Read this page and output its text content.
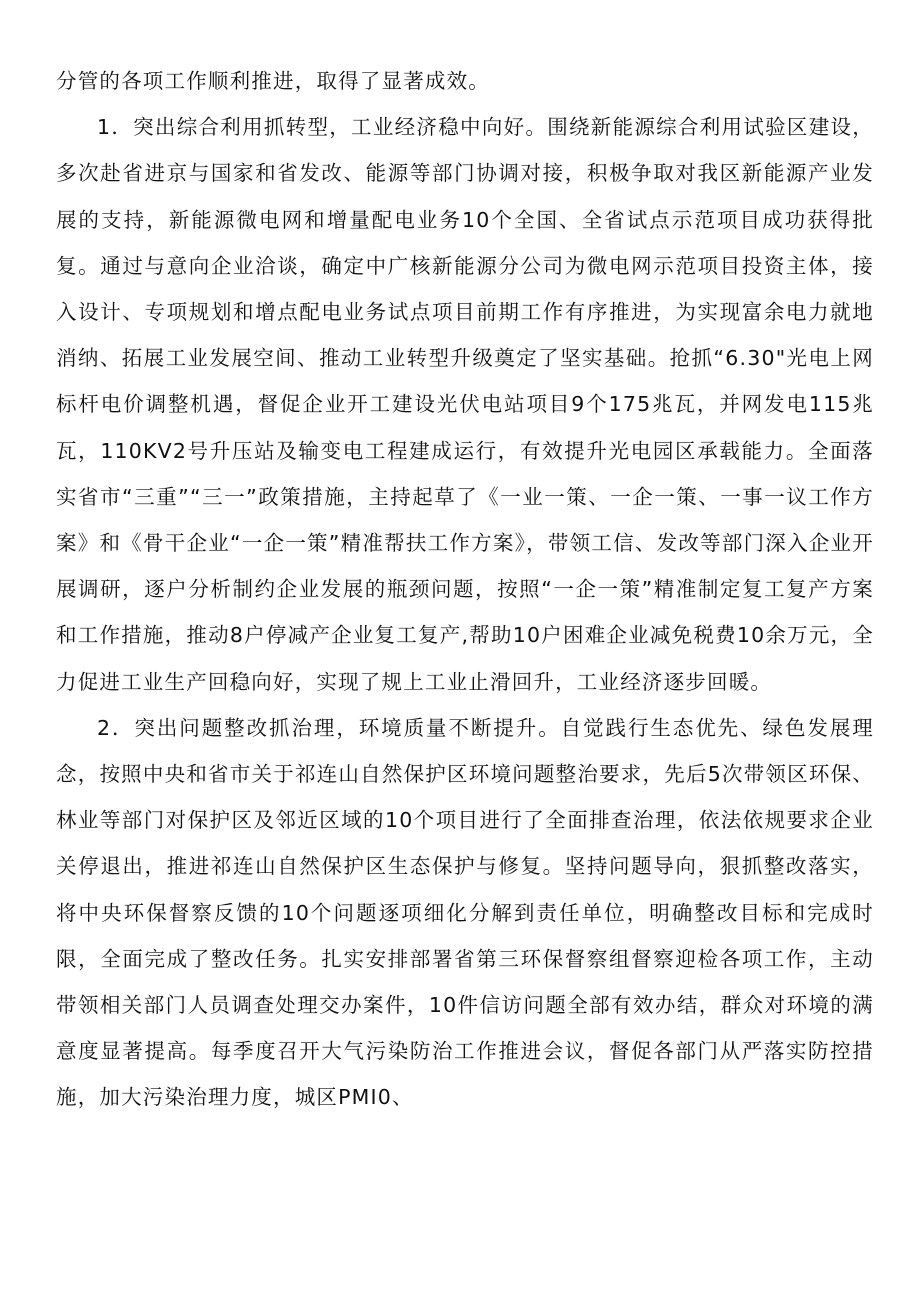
分管的各项工作顺利推进，取得了显著成效。

1．突出综合利用抓转型，工业经济稳中向好。围绕新能源综合利用试验区建设，多次赴省进京与国家和省发改、能源等部门协调对接，积极争取对我区新能源产业发展的支持，新能源微电网和增量配电业务10个全国、全省试点示范项目成功获得批复。通过与意向企业洽谈，确定中广核新能源分公司为微电网示范项目投资主体，接入设计、专项规划和增点配电业务试点项目前期工作有序推进，为实现富余电力就地消纳、拓展工业发展空间、推动工业转型升级奠定了坚实基础。抢抓“6.30"光电上网标杆电价调整机遇，督促企业开工建设光伏电站项目9个175兆瓦，并网发电115兆瓦，110KV2号升压站及输变电工程建成运行，有效提升光电园区承载能力。全面落实省市“三重”“三一”政策措施，主持起草了《一业一策、一企一策、一事一议工作方案》和《骨干企业“一企一策”精准帮扶工作方案》，带领工信、发改等部门深入企业开展调研，逐户分析制约企业发展的瓶颈问题，按照“一企一策”精准制定复工复产方案和工作措施，推动8户停减产企业复工复产,帮助10户困难企业减免税费10余万元，全力促进工业生产回稳向好，实现了规上工业止滑回升，工业经济逐步回暖。

2．突出问题整改抓治理，环境质量不断提升。自觉践行生态优先、绿色发展理念，按照中央和省市关于祁连山自然保护区环境问题整治要求，先后5次带领区环保、林业等部门对保护区及邻近区域的10个项目进行了全面排查治理，依法依规要求企业关停退出，推进祁连山自然保护区生态保护与修复。坚持问题导向，狠抓整改落实，将中央环保督察反馈的10个问题逐项细化分解到责任单位，明确整改目标和完成时限，全面完成了整改任务。扎实安排部署省第三环保督察组督察迎检各项工作，主动带领相关部门人员调查处理交办案件，10件信访问题全部有效办结，群众对环境的满意度显著提高。每季度召开大气污染防治工作推进会议，督促各部门从严落实防控措施，加大污染治理力度，城区PMI0、
